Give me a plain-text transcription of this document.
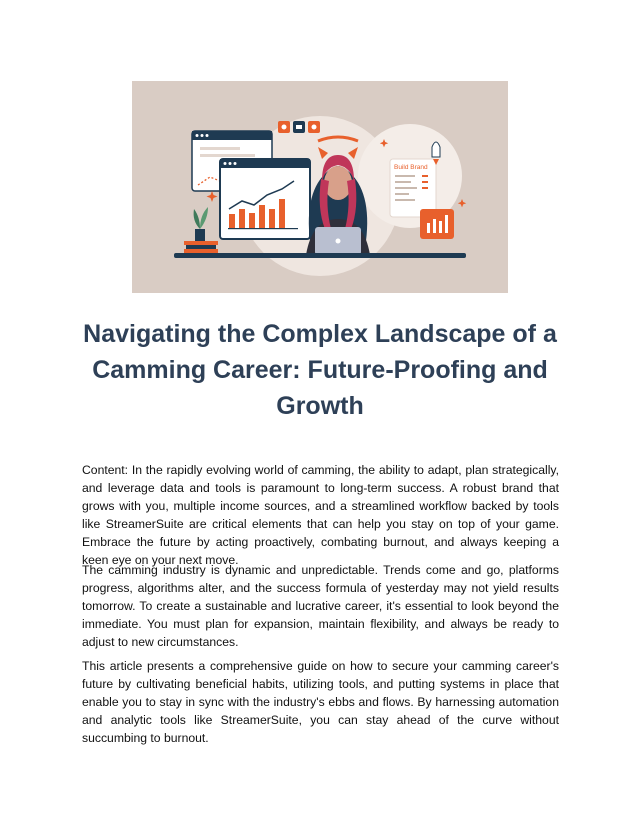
Build Brand
Navigating the Complex Landscape of a Camming Career: Future-Proofing and Growth

Content: In the rapidly evolving world of camming, the ability to adapt, plan strategically, and leverage data and tools is paramount to long-term success. A robust brand that grows with you, multiple income sources, and a streamlined workflow backed by tools like StreamerSuite are critical elements that can help you stay on top of your game. Embrace the future by acting proactively, combating burnout, and always keeping a keen eye on your next move.

The camming industry is dynamic and unpredictable. Trends come and go, platforms progress, algorithms alter, and the success formula of yesterday may not yield results tomorrow. To create a sustainable and lucrative career, it's essential to look beyond the immediate. You must plan for expansion, maintain flexibility, and always be ready to adjust to new circumstances.

This article presents a comprehensive guide on how to secure your camming career's future by cultivating beneficial habits, utilizing tools, and putting systems in place that enable you to stay in sync with the industry's ebbs and flows. By harnessing automation and analytic tools like StreamerSuite, you can stay ahead of the curve without succumbing to burnout.
